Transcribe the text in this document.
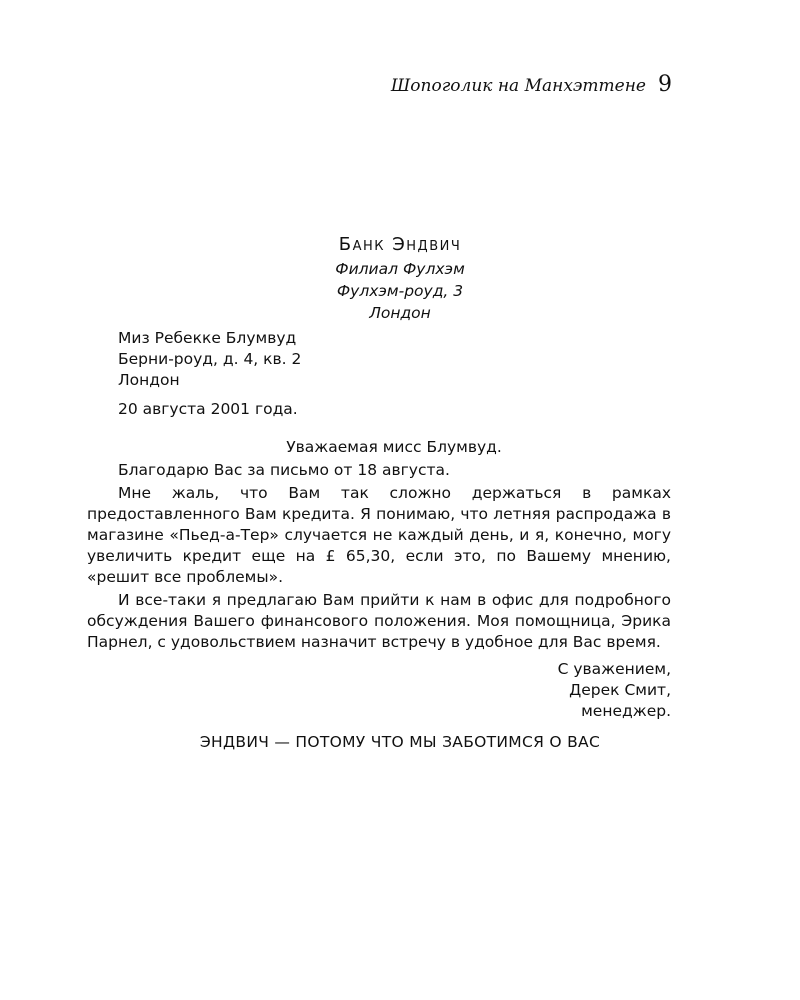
Шопоголик на Манхэттене 9
Банк Эндвич
Филиал Фулхэм
Фулхэм-роуд, 3
Лондон
Миз Ребекке Блумвуд
Берни-роуд, д. 4, кв. 2
Лондон
20 августа 2001 года.
Уважаемая мисс Блумвуд.

Благодарю Вас за письмо от 18 августа.

Мне жаль, что Вам так сложно держаться в рамках предоставленного Вам кредита. Я понимаю, что летняя распродажа в магазине «Пьед-а-Тер» случается не каждый день, и я, конечно, могу увеличить кредит еще на £ 65,30, если это, по Вашему мнению, «решит все проблемы».

И все-таки я предлагаю Вам прийти к нам в офис для подробного обсуждения Вашего финансового положения. Моя помощница, Эрика Парнел, с удовольствием назначит встречу в удобное для Вас время.

С уважением,
Дерек Смит,
менеджер.
ЭНДВИЧ — ПОТОМУ ЧТО МЫ ЗАБОТИМСЯ О ВАС
